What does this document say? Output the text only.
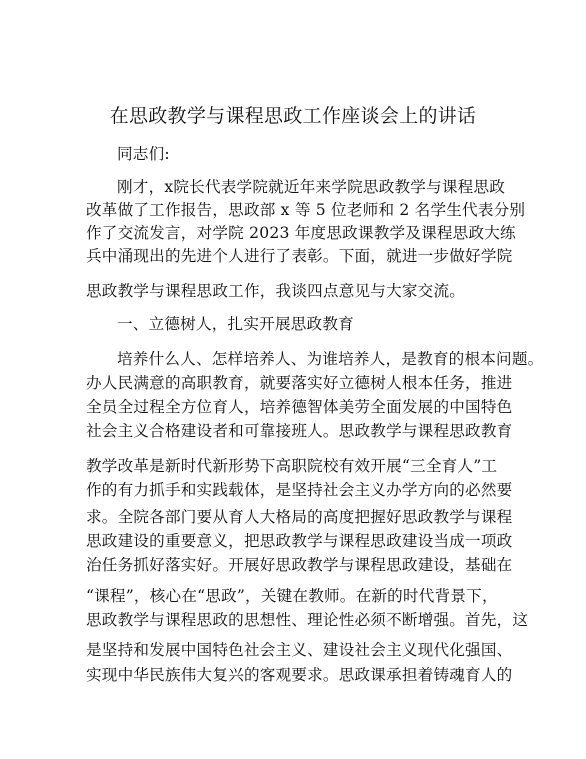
在思政教学与课程思政工作座谈会上的讲话
同志们:
刚才，x院长代表学院就近年来学院思政教学与课程思政
改革做了工作报告，思政部 x 等 5 位老师和 2 名学生代表分别
作了交流发言，对学院 2023 年度思政课教学及课程思政大练
兵中涌现出的先进个人进行了表彰。下面，就进一步做好学院
思政教学与课程思政工作，我谈四点意见与大家交流。
一、立德树人，扎实开展思政教育
培养什么人、怎样培养人、为谁培养人，是教育的根本问题。
办人民满意的高职教育，就要落实好立德树人根本任务，推进
全员全过程全方位育人，培养德智体美劳全面发展的中国特色
社会主义合格建设者和可靠接班人。思政教学与课程思政教育
教学改革是新时代新形势下高职院校有效开展“三全育人”工
作的有力抓手和实践载体，是坚持社会主义办学方向的必然要
求。全院各部门要从育人大格局的高度把握好思政教学与课程
思政建设的重要意义，把思政教学与课程思政建设当成一项政
治任务抓好落实好。开展好思政教学与课程思政建设，基础在
“课程”，核心在“思政”，关键在教师。在新的时代背景下，
思政教学与课程思政的思想性、理论性必须不断增强。首先，这
是坚持和发展中国特色社会主义、建设社会主义现代化强国、
实现中华民族伟大复兴的客观要求。思政课承担着铸魂育人的
